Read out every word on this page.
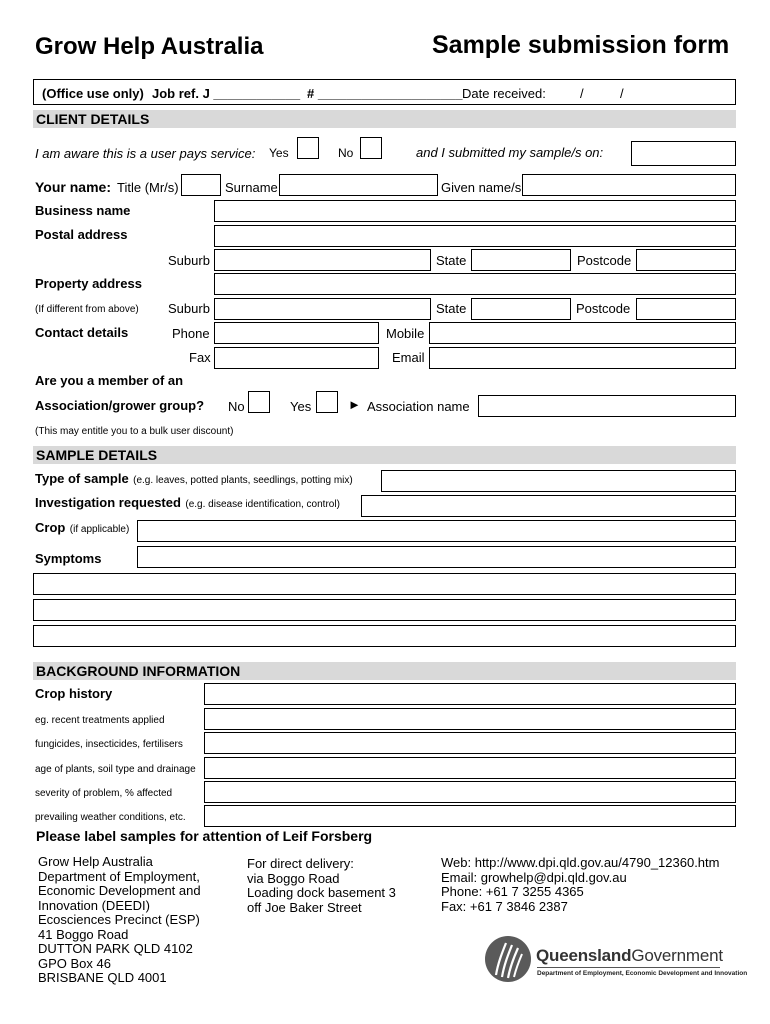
Grow Help Australia	Sample submission form
(Office use only) Job ref. J ____________ # ____________________ Date received:	/	/
CLIENT DETAILS
I am aware this is a user pays service: Yes	No	and I submitted my sample/s on:
Your name: Title (Mr/s)	Surname	Given name/s
Business name
Postal address
Suburb	State	Postcode
Property address
(If different from above) Suburb	State	Postcode
Contact details	Phone	Mobile
Fax	Email
Are you a member of an
Association/grower group? No	Yes	► Association name
(This may entitle you to a bulk user discount)
SAMPLE DETAILS
Type of sample (e.g. leaves, potted plants, seedlings, potting mix)
Investigation requested (e.g. disease identification, control)
Crop (if applicable)
Symptoms
BACKGROUND INFORMATION
Crop history
eg. recent treatments applied
fungicides, insecticides, fertilisers
age of plants, soil type and drainage
severity of problem, % affected
prevailing weather conditions, etc.
Please label samples for attention of Leif Forsberg
Grow Help Australia
Department of Employment,
Economic Development and
Innovation (DEEDI)
Ecosciences Precinct (ESP)
41 Boggo Road
DUTTON PARK QLD 4102
GPO Box 46
BRISBANE QLD 4001
For direct delivery:
via Boggo Road
Loading dock basement 3
off Joe Baker Street
Web: http://www.dpi.qld.gov.au/4790_12360.htm
Email: growhelp@dpi.qld.gov.au
Phone: +61 7 3255 4365
Fax: +61 7 3846 2387
QueenslandGovernment
Department of Employment, Economic Development and Innovation
